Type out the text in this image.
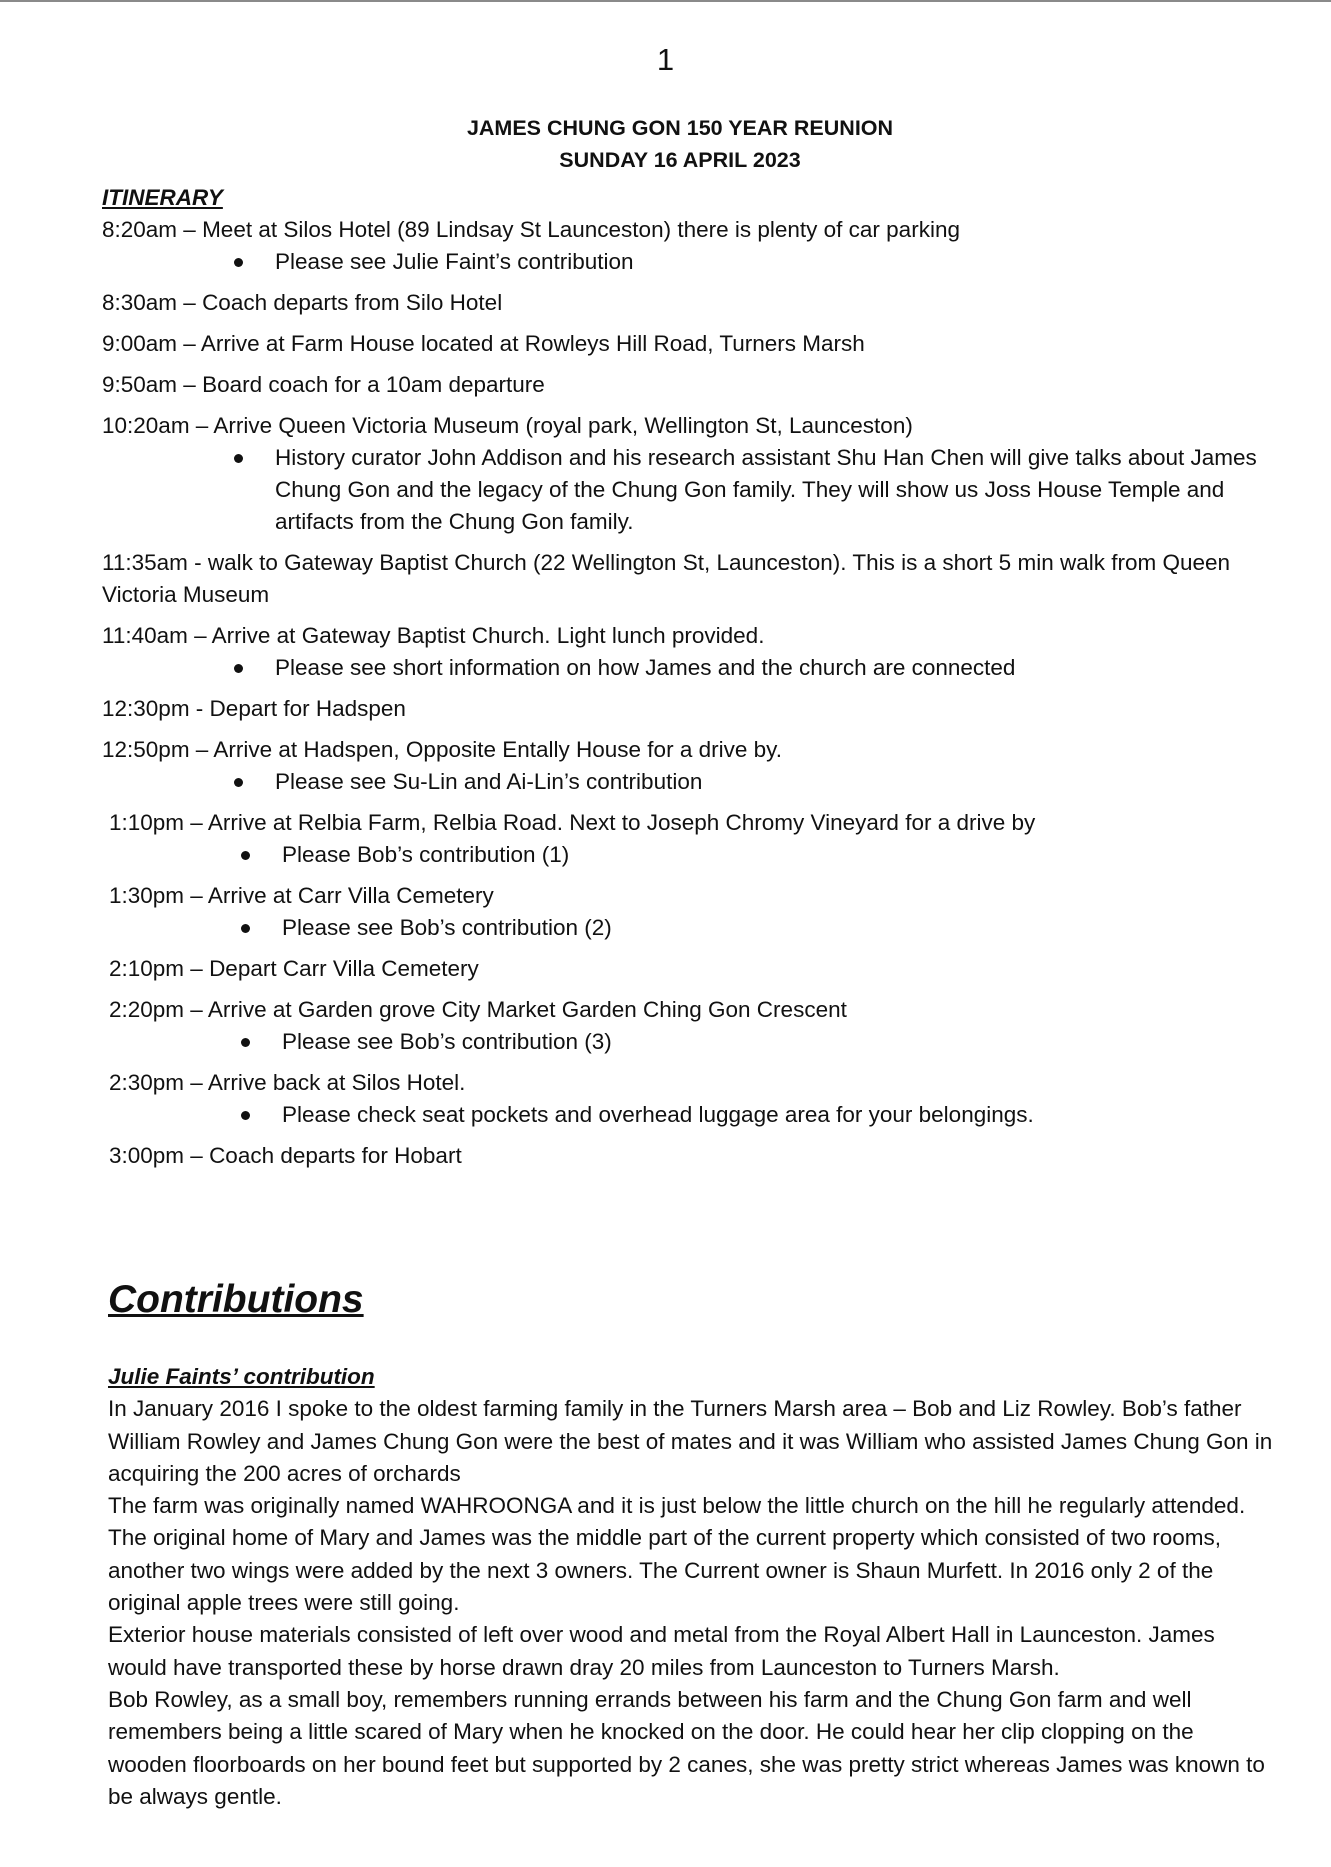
1
JAMES CHUNG GON 150 YEAR REUNION
SUNDAY 16 APRIL 2023

ITINERARY

8:20am – Meet at Silos Hotel (89 Lindsay St Launceston) there is plenty of car parking

Please see Julie Faint’s contribution

8:30am – Coach departs from Silo Hotel

9:00am – Arrive at Farm House located at Rowleys Hill Road, Turners Marsh

9:50am – Board coach for a 10am departure

10:20am – Arrive Queen Victoria Museum (royal park, Wellington St, Launceston)

History curator John Addison and his research assistant Shu Han Chen will give talks about James Chung Gon and the legacy of the Chung Gon family. They will show us Joss House Temple and artifacts from the Chung Gon family.

11:35am - walk to Gateway Baptist Church (22 Wellington St, Launceston). This is a short 5 min walk from Queen Victoria Museum

11:40am – Arrive at Gateway Baptist Church. Light lunch provided.

Please see short information on how James and the church are connected

12:30pm - Depart for Hadspen

12:50pm – Arrive at Hadspen, Opposite Entally House for a drive by.

Please see Su-Lin and Ai-Lin’s contribution

1:10pm – Arrive at Relbia Farm, Relbia Road. Next to Joseph Chromy Vineyard for a drive by

Please Bob’s contribution (1)

1:30pm – Arrive at Carr Villa Cemetery

Please see Bob’s contribution (2)

2:10pm – Depart Carr Villa Cemetery

2:20pm – Arrive at Garden grove City Market Garden Ching Gon Crescent

Please see Bob’s contribution (3)

2:30pm – Arrive back at Silos Hotel.

Please check seat pockets and overhead luggage area for your belongings.

3:00pm – Coach departs for Hobart

Contributions

Julie Faints’ contribution

In January 2016 I spoke to the oldest farming family in the Turners Marsh area – Bob and Liz Rowley. Bob’s father William Rowley and James Chung Gon were the best of mates and it was William who assisted James Chung Gon in acquiring the 200 acres of orchards

The farm was originally named WAHROONGA and it is just below the little church on the hill he regularly attended. The original home of Mary and James was the middle part of the current property which consisted of two rooms, another two wings were added by the next 3 owners. The Current owner is Shaun Murfett. In 2016 only 2 of the original apple trees were still going.

Exterior house materials consisted of left over wood and metal from the Royal Albert Hall in Launceston. James would have transported these by horse drawn dray 20 miles from Launceston to Turners Marsh.

Bob Rowley, as a small boy, remembers running errands between his farm and the Chung Gon farm and well remembers being a little scared of Mary when he knocked on the door. He could hear her clip clopping on the wooden floorboards on her bound feet but supported by 2 canes, she was pretty strict whereas James was known to be always gentle.
